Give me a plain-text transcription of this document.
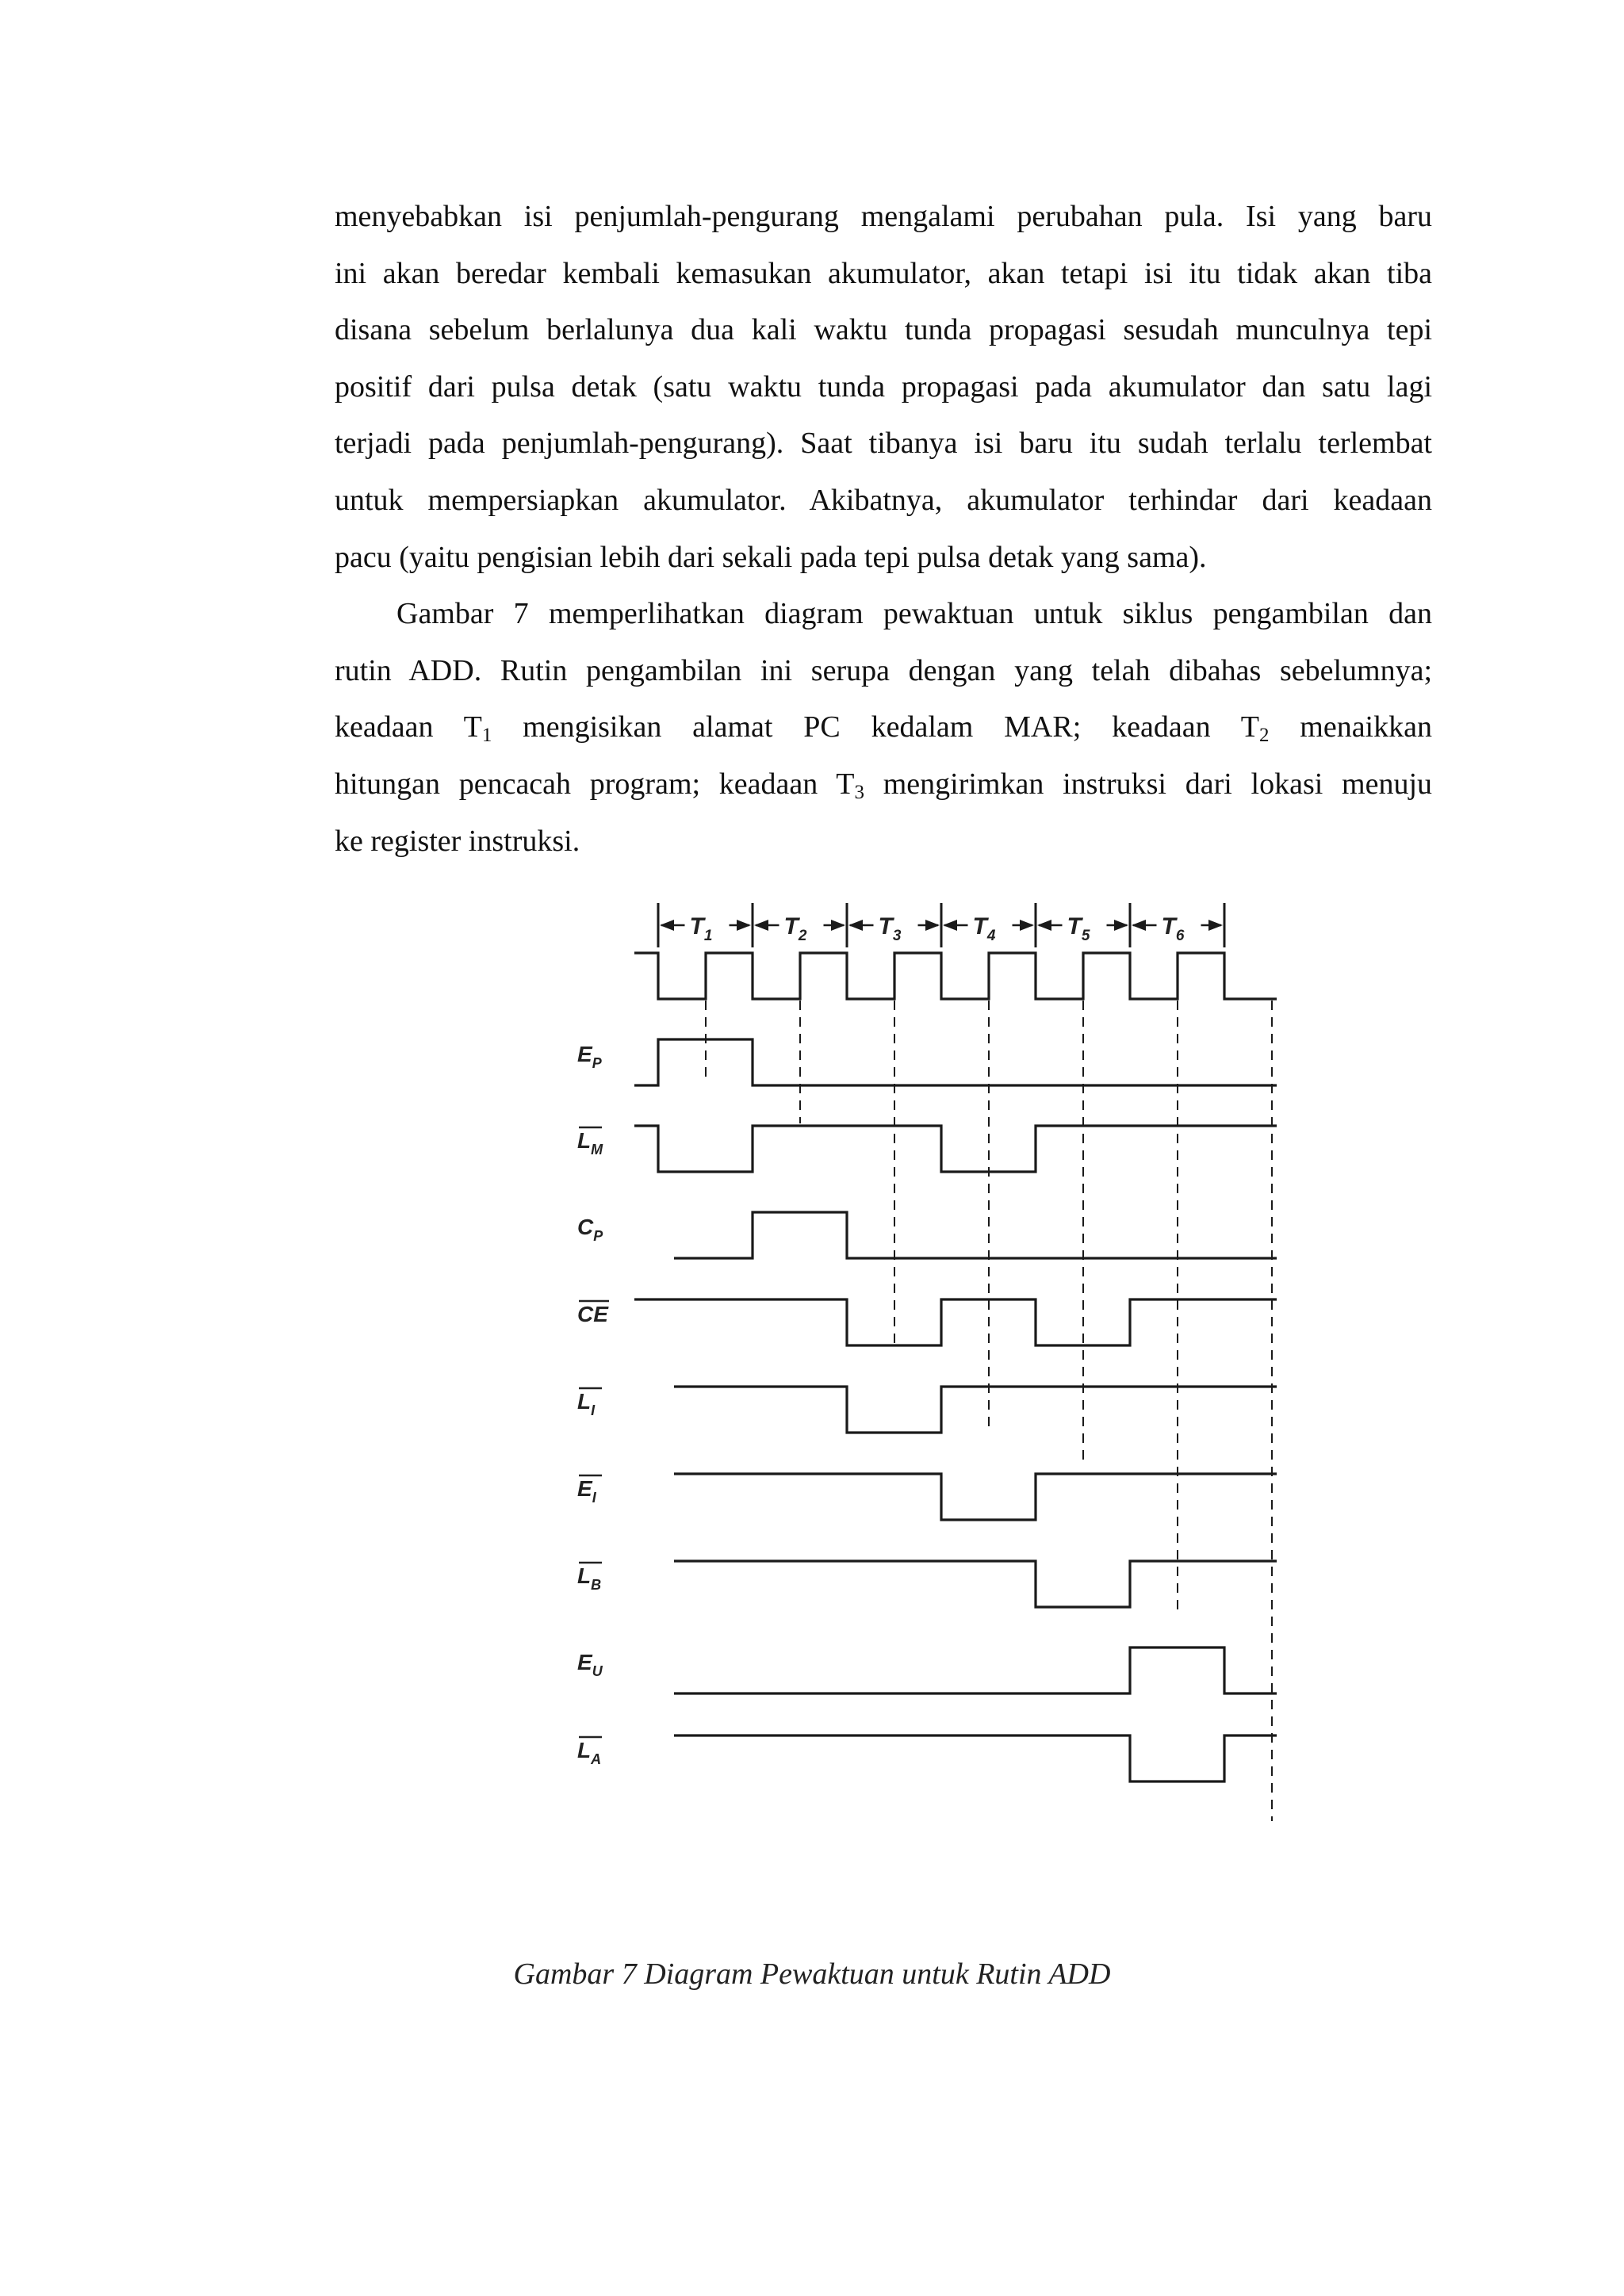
menyebabkan isi penjumlah-pengurang mengalami perubahan pula. Isi yang baru
ini akan beredar kembali kemasukan akumulator, akan tetapi isi itu tidak akan tiba
disana sebelum berlalunya dua kali waktu tunda propagasi sesudah munculnya tepi
positif dari pulsa detak (satu waktu tunda propagasi pada akumulator dan satu lagi
terjadi pada penjumlah-pengurang). Saat tibanya isi baru itu sudah terlalu terlembat
untuk mempersiapkan akumulator. Akibatnya, akumulator terhindar dari keadaan
pacu (yaitu pengisian lebih dari sekali pada tepi pulsa detak yang sama).
Gambar 7 memperlihatkan diagram pewaktuan untuk siklus pengambilan dan
rutin ADD. Rutin pengambilan ini serupa dengan yang telah dibahas sebelumnya;
keadaan $T_1$ mengisikan alamat PC kedalam MAR; keadaan $T_2$ menaikkan
hitungan pencacah program; keadaan $T_3$ mengirimkan instruksi dari lokasi menuju
ke register instruksi.
$T_1$	$T_2$	$T_3$	$T_4$	$T_5$	$T_6$
$E_P$
$L_M$
$C_P$
CE
$L_I$
$E_I$
$L_B$
$E_U$
$L_A$
Gambar 7 Diagram Pewaktuan untuk Rutin ADD
